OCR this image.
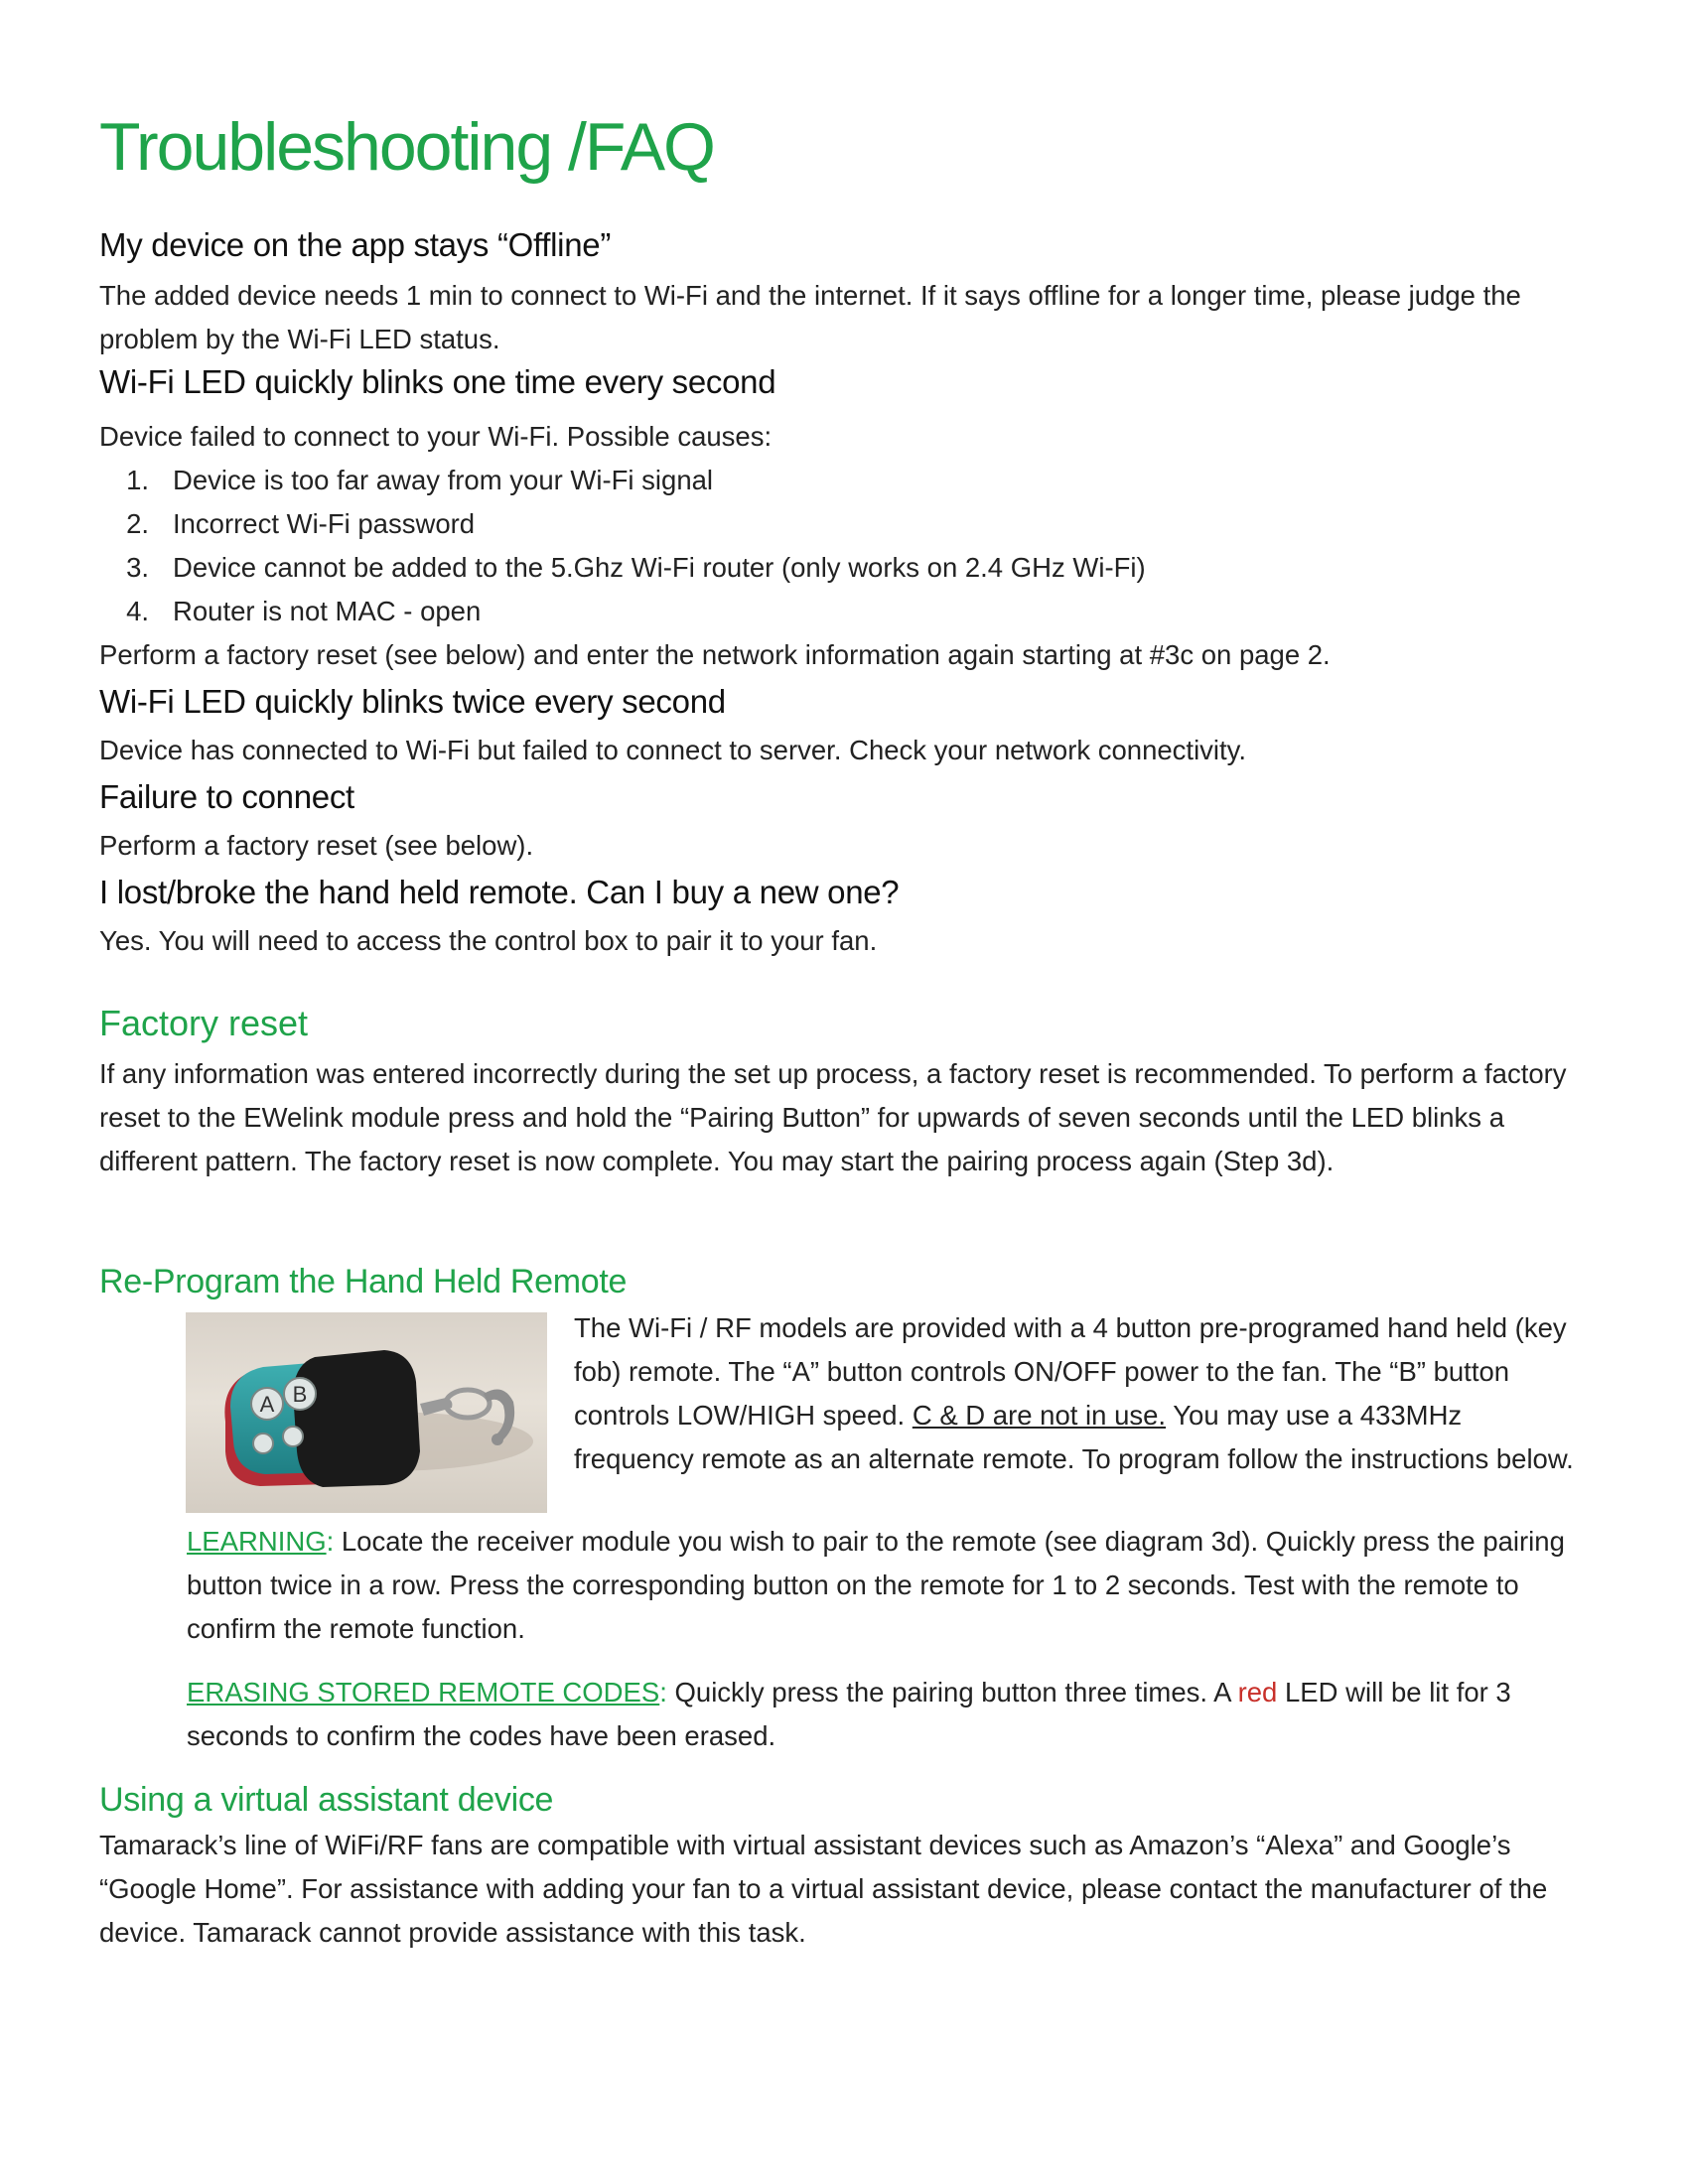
Troubleshooting /FAQ
My device on the app stays “Offline”

The added device needs 1 min to connect to Wi-Fi and the internet. If it says offline for a longer time, please judge the problem by the Wi-Fi LED status.

Wi-Fi LED quickly blinks one time every second

Device failed to connect to your Wi-Fi. Possible causes:

1. Device is too far away from your Wi-Fi signal
2. Incorrect Wi-Fi password
3. Device cannot be added to the 5.Ghz Wi-Fi router (only works on 2.4 GHz Wi-Fi)
4. Router is not MAC - open

Perform a factory reset (see below) and enter the network information again starting at #3c on page 2.

Wi-Fi LED quickly blinks twice every second

Device has connected to Wi-Fi but failed to connect to server. Check your network connectivity.

Failure to connect

Perform a factory reset (see below).

I lost/broke the hand held remote. Can I buy a new one?

Yes. You will need to access the control box to pair it to your fan.

Factory reset

If any information was entered incorrectly during the set up process, a factory reset is recommended. To perform a factory reset to the EWelink module press and hold the “Pairing Button” for upwards of seven seconds until the LED blinks a different pattern. The factory reset is now complete. You may start the pairing process again (Step 3d).

Re-Program the Hand Held Remote
A B

The Wi-Fi / RF models are provided with a 4 button pre-programed hand held (key fob) remote. The “A” button controls ON/OFF power to the fan. The “B” button controls LOW/HIGH speed. C & D are not in use. You may use a 433MHz frequency remote as an alternate remote. To program follow the instructions below.

LEARNING: Locate the receiver module you wish to pair to the remote (see diagram 3d). Quickly press the pairing button twice in a row. Press the corresponding button on the remote for 1 to 2 seconds. Test with the remote to confirm the remote function.

ERASING STORED REMOTE CODES: Quickly press the pairing button three times. A red LED will be lit for 3 seconds to confirm the codes have been erased.

Using a virtual assistant device

Tamarack’s line of WiFi/RF fans are compatible with virtual assistant devices such as Amazon’s “Alexa” and Google’s “Google Home”. For assistance with adding your fan to a virtual assistant device, please contact the manufacturer of the device. Tamarack cannot provide assistance with this task.
